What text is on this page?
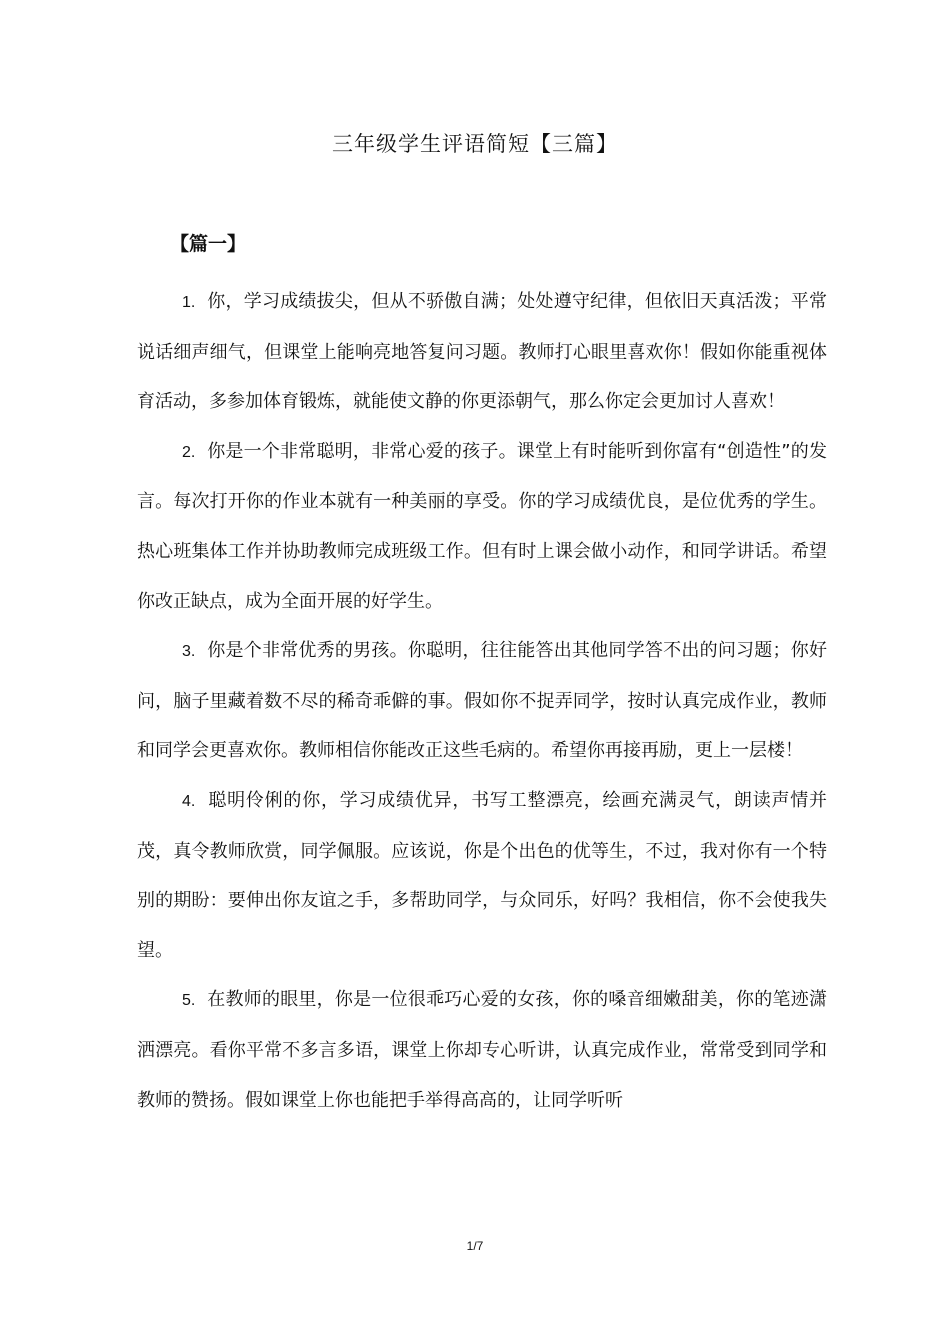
三年级学生评语简短【三篇】
【篇一】

1. 你，学习成绩拔尖，但从不骄傲自满；处处遵守纪律，但依旧天真活泼；平常说话细声细气，但课堂上能响亮地答复问习题。教师打心眼里喜欢你！假如你能重视体育活动，多参加体育锻炼，就能使文静的你更添朝气，那么你定会更加讨人喜欢！

2. 你是一个非常聪明，非常心爱的孩子。课堂上有时能听到你富有“创造性”的发言。每次打开你的作业本就有一种美丽的享受。你的学习成绩优良，是位优秀的学生。热心班集体工作并协助教师完成班级工作。但有时上课会做小动作，和同学讲话。希望你改正缺点，成为全面开展的好学生。

3. 你是个非常优秀的男孩。你聪明，往往能答出其他同学答不出的问习题；你好问，脑子里藏着数不尽的稀奇乖僻的事。假如你不捉弄同学，按时认真完成作业，教师和同学会更喜欢你。教师相信你能改正这些毛病的。希望你再接再励，更上一层楼！

4. 聪明伶俐的你，学习成绩优异，书写工整漂亮，绘画充满灵气，朗读声情并茂，真令教师欣赏，同学佩服。应该说，你是个出色的优等生，不过，我对你有一个特别的期盼：要伸出你友谊之手，多帮助同学，与众同乐，好吗？我相信，你不会使我失望。

5. 在教师的眼里，你是一位很乖巧心爱的女孩，你的嗓音细嫩甜美，你的笔迹潇洒漂亮。看你平常不多言多语，课堂上你却专心听讲，认真完成作业，常常受到同学和教师的赞扬。假如课堂上你也能把手举得高高的，让同学听听

1/7
